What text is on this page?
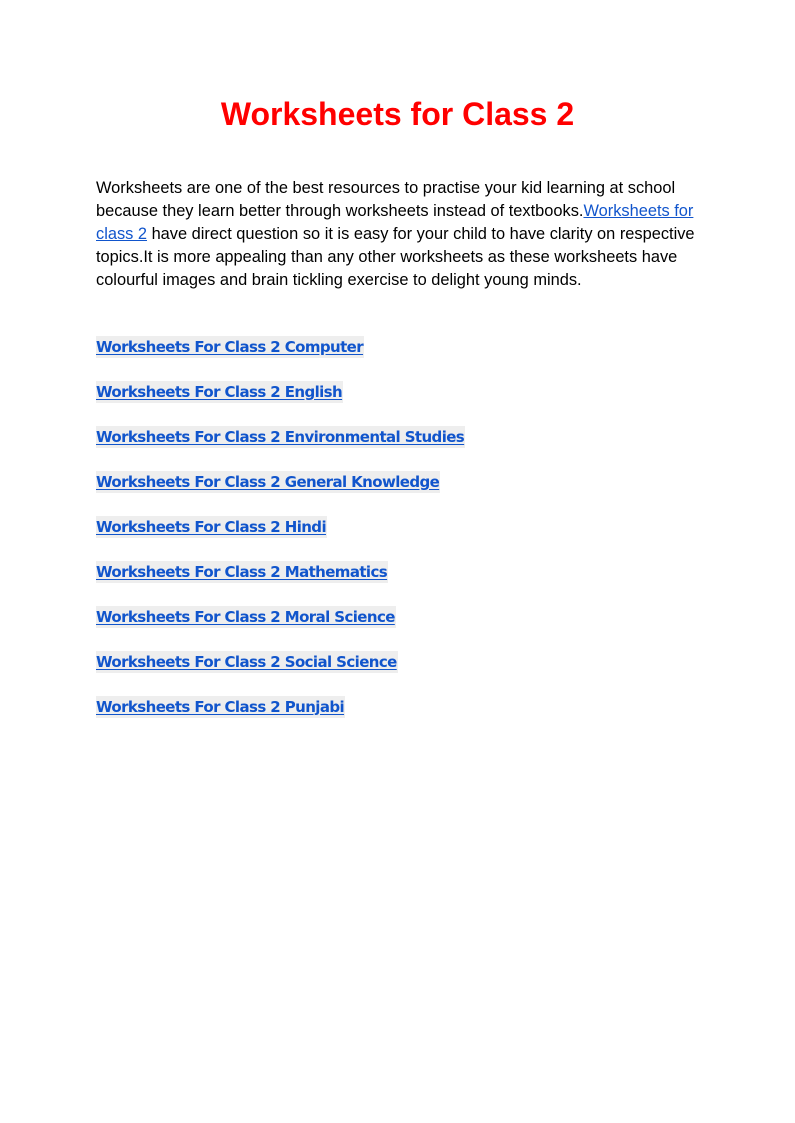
Worksheets for Class 2

Worksheets are one of the best resources to practise your kid learning at school because they learn better through worksheets instead of textbooks.Worksheets for class 2 have direct question so it is easy for your child to have clarity on respective topics.It is more appealing than any other worksheets as these worksheets have colourful images and brain tickling exercise to delight young minds.

Worksheets For Class 2 Computer
Worksheets For Class 2 English
Worksheets For Class 2 Environmental Studies
Worksheets For Class 2 General Knowledge
Worksheets For Class 2 Hindi
Worksheets For Class 2 Mathematics
Worksheets For Class 2 Moral Science
Worksheets For Class 2 Social Science
Worksheets For Class 2 Punjabi
